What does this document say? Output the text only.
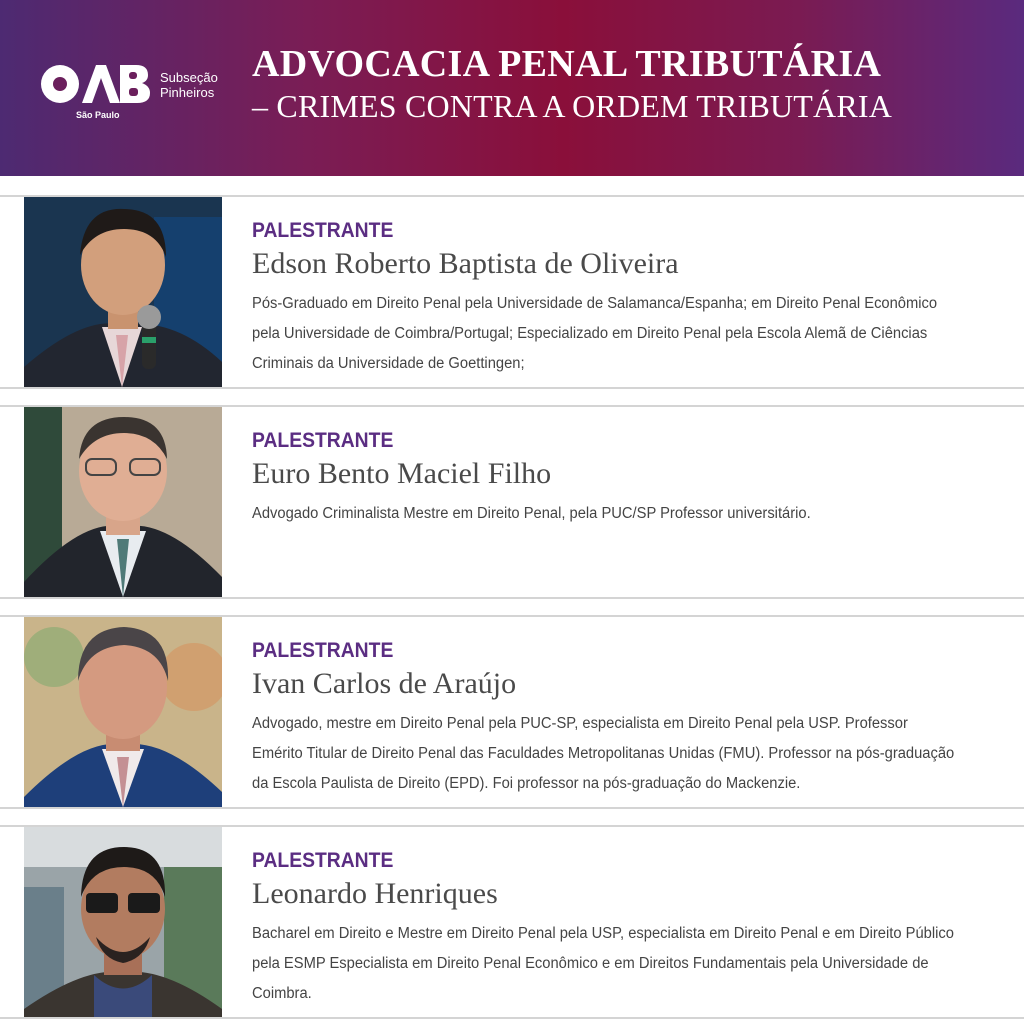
Subseção
Pinheiros
São Paulo
ADVOCACIA PENAL TRIBUTÁRIA
– CRIMES CONTRA A ORDEM TRIBUTÁRIA
PALESTRANTE
Edson Roberto Baptista de Oliveira
Pós-Graduado em Direito Penal pela Universidade de Salamanca/Espanha; em Direito Penal Econômico pela Universidade de Coimbra/Portugal; Especializado em Direito Penal pela Escola Alemã de Ciências Criminais da Universidade de Goettingen;
PALESTRANTE
Euro Bento Maciel Filho
Advogado Criminalista Mestre em Direito Penal, pela PUC/SP Professor universitário.
PALESTRANTE
Ivan Carlos de Araújo
Advogado, mestre em Direito Penal pela PUC-SP, especialista em Direito Penal pela USP. Professor Emérito Titular de Direito Penal das Faculdades Metropolitanas Unidas (FMU). Professor na pós-graduação da Escola Paulista de Direito (EPD). Foi professor na pós-graduação do Mackenzie.
PALESTRANTE
Leonardo Henriques
Bacharel em Direito e Mestre em Direito Penal pela USP, especialista em Direito Penal e em Direito Público pela ESMP Especialista em Direito Penal Econômico e em Direitos Fundamentais pela Universidade de Coimbra.
